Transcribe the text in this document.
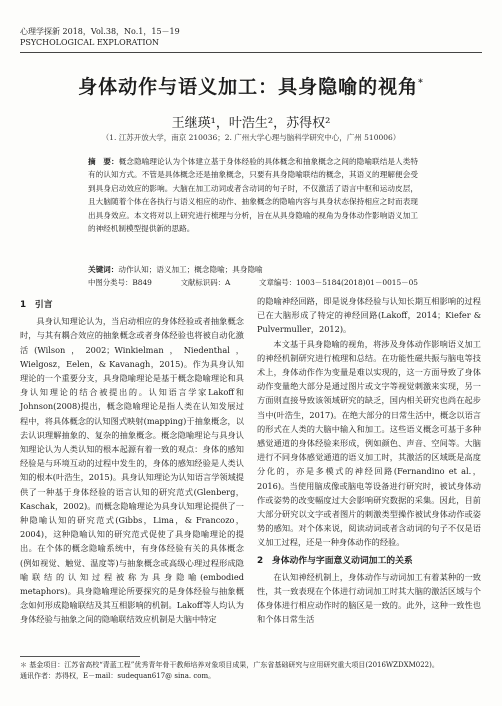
心理学探新 2018，Vol.38，No.1，15－19
PSYCHOLOGICAL EXPLORATION
身体动作与语义加工：具身隐喻的视角*
王继瑛¹，叶浩生²，苏得权²
（1. 江苏开放大学，南京 210036；2. 广州大学心理与脑科学研究中心，广州 510006）
摘　要：概念隐喻理论认为个体建立基于身体经验的具体概念和抽象概念之间的隐喻联结是人类特有的认知方式。不管是具体概念还是抽象概念，只要有具身隐喻联结的概念，其语义的理解便会受到具身启动效应的影响。大脑在加工动词或者含动词的句子时，不仅激活了语言中枢和运动皮层，且大脑随着个体在各执行与语义相应的动作、抽象概念的隐喻内容与具身状态保持相应之时而表现出具身效应。本文将对以上研究进行梳理与分析，旨在从具身隐喻的视角为身体动作影响语义加工的神经机制模型提供新的思路。
关键词：动作认知；语义加工；概念隐喻；具身隐喻
中图分类号：B849	文献标识码：A	文章编号：1003－5184(2018)01－0015－05
1　引言

具身认知理论认为，当启动相应的身体经验或者抽象概念时，与其有耦合效应的抽象概念或者身体经验也将被自动化激活(Wilson，2002；Winkielman，Niedenthal，Wielgosz，Eelen，& Kavanagh，2015)。作为具身认知理论的一个重要分支，具身隐喻理论是基于概念隐喻理论和具身认知理论的结合被提出的。认知语言学家Lakoff和Johnson(2008)提出，概念隐喻理论是指人类在认知发展过程中，将具体概念的认知图式映射(mapping)于抽象概念，以去认识理解抽象的、复杂的抽象概念。概念隐喻理论与具身认知理论认为人类认知的根本起源有着一致的观点：身体的感知经验是与环境互动的过程中发生的，身体的感知经验是人类认知的根本(叶浩生，2015)。具身认知理论为认知语言学领域提供了一种基于身体经验的语言认知的研究范式(Glenberg，Kaschak，2002)。而概念隐喻理论为具身认知理论提供了一种隐喻认知的研究范式(Gibbs，Lima，& Francozo，2004)，这种隐喻认知的研究范式促使了具身隐喻理论的提出。在个体的概念隐喻系统中，有身体经验有关的具体概念(例如视觉、触觉、温度等)与抽象概念或高级心理过程形成隐喻联结的认知过程被称为具身隐喻(embodied metaphors)。具身隐喻理论所要探究的是身体经验与抽象概念如何形成隐喻联结及其互相影响的机制。Lakoff等人均认为身体经验与抽象之间的隐喻联结效应机制是大脑中特定

的隐喻神经回路，即是说身体经验与认知长期互相影响的过程已在大脑形成了特定的神经回路(Lakoff，2014；Kiefer & Pulvermuller，2012)。

本文基于具身隐喻的视角，将涉及身体动作影响语义加工的神经机制研究进行梳理和总结。在功能性磁共振与脑电等技术上，身体动作作为变量是难以实现的，这一方面导致了身体动作变量绝大部分是通过图片或文字等视觉刺激来实现，另一方面则直接导致该领域研究的缺乏，国内相关研究也尚在起步当中(叶浩生，2017)。在绝大部分的日常生活中，概念以语言的形式在人类的大脑中输入和加工。这些语义概念可基于多种感觉通道的身体经验来形成，例如颜色、声音、空间等。大脑进行不同身体感觉通道的语义加工时，其激活的区域既是高度分化的，亦是多模式的神经回路(Fernandino et al.，2016)。当使用脑成像或脑电等设备进行研究时，被试身体动作或姿势的改变幅度过大会影响研究数据的采集。因此，目前大部分研究以文字或者图片的刺激类型操作被试身体动作或姿势的感知。对个体来说，阅读动词或者含动词的句子不仅是语义加工过程，还是一种身体动作的经验。

2　身体动作与字面意义动词加工的关系

在认知神经机制上，身体动作与动词加工有着某种的一致性，其一致表现在个体进行动词加工时其大脑的激活区域与个体身体进行相应动作时的脑区是一致的。此外，这种一致性也和个体日常生活

＊ 基金项目：江苏省高校“青蓝工程”优秀青年骨干教师培养对象项目成果，广东省基础研究与应用研究重大项目(2016WZDXM022)。
通讯作者：苏得权，E－mail：sudequan617@ sina. com。
